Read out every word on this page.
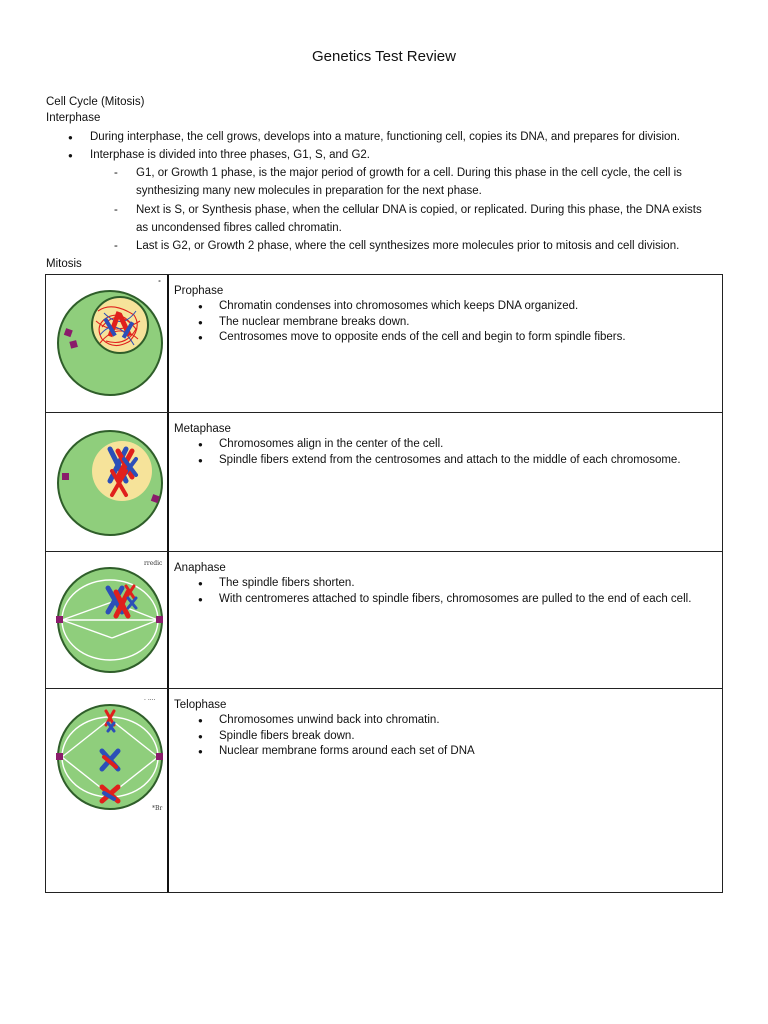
Genetics Test Review
Cell Cycle (Mitosis)
Interphase
● During interphase, the cell grows, develops into a mature, functioning cell, copies its DNA, and prepares for division.
● Interphase is divided into three phases, G1, S, and G2.
- G1, or Growth 1 phase, is the major period of growth for a cell. During this phase in the cell cycle, the cell is synthesizing many new molecules in preparation for the next phase.
- Next is S, or Synthesis phase, when the cellular DNA is copied, or replicated. During this phase, the DNA exists as uncondensed fibres called chromatin.
- Last is G2, or Growth 2 phase, where the cell synthesizes more molecules prior to mitosis and cell division.
Mitosis
°
Prophase
● Chromatin condenses into chromosomes which keeps DNA organized.
● The nuclear membrane breaks down.
● Centrosomes move to opposite ends of the cell and begin to form spindle fibers.
Metaphase
● Chromosomes align in the center of the cell.
● Spindle fibers extend from the centrosomes and attach to the middle of each chromosome.
rredic Anaphase
● The spindle fibers shorten.
● With centromeres attached to spindle fibers, chromosomes are pulled to the end of each cell.
· ····
*Br
Telophase
● Chromosomes unwind back into chromatin.
● Spindle fibers break down.
● Nuclear membrane forms around each set of DNA
